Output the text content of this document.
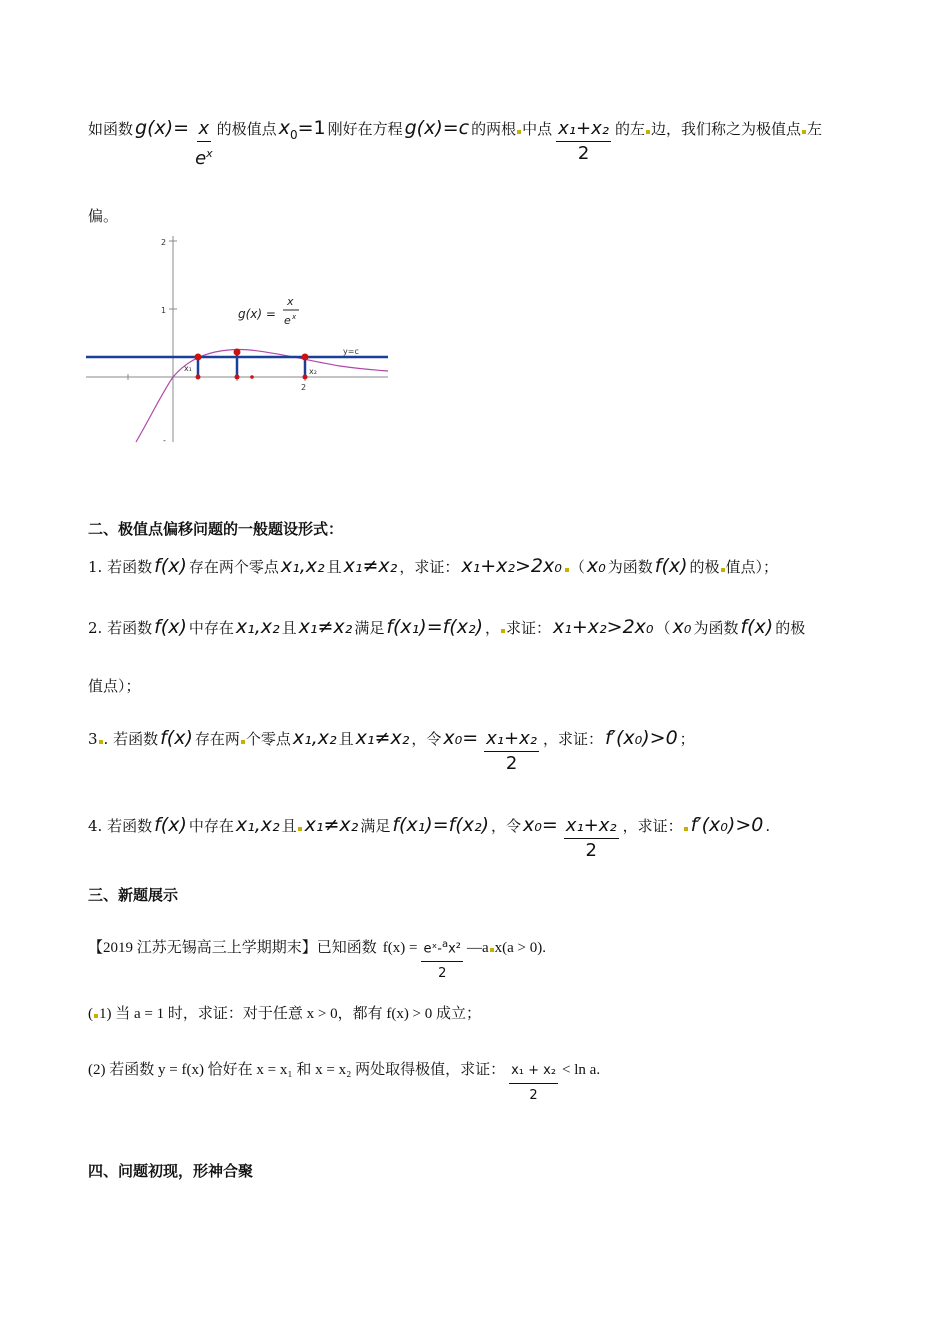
如函数 $g(x)= \frac{x}{e^x}$ 的极值点 $x_0=1$ 刚好在方程 g(x)=c 的两根 中点 $\frac{\text{x₁+x₂}}{2}$ 的左 边，我们称之为极值点 左
偏。
2
1
-
2
y=c
x₁	x₂
g(x) =
x
e x
二、极值点偏移问题的一般题设形式：
1. 若函数 f(x) 存在两个零点 x₁,x₂ 且 x₁≠x₂ ，求证： x₁+x₂>2x₀ （ x₀ 为函数 f(x) 的极 值点）；
2. 若函数 f(x) 中存在 x₁,x₂ 且 x₁≠x₂ 满足 f(x₁)=f(x₂) ， 求证： x₁+x₂>2x₀ （ x₀ 为函数 f(x) 的极
值点）；
3 . 若函数 f(x) 存在两 个零点 x₁,x₂ 且 x₁≠x₂ ，令 $x_0= \frac{\text{x₁+x₂}}{2}$ ，求证： f′(x₀)>0 ；
4. 若函数 f(x) 中存在 x₁,x₂ 且 x₁≠x₂ 满足 f(x₁)=f(x₂) ，令 $x_0= \frac{\text{x₁+x₂}}{2}$ ，求证： f′(x₀)>0 .
三、新题展示
【2019 江苏无锡高三上学期期末】已知函数 $f(x) = \frac{eˣ-^ax^2}{2}$ —a x(a > 0).
( 1) 当 a = 1 时，求证：对于任意 x > 0，都有 f(x) > 0 成立；
(2) 若函数 y = f(x) 恰好在 x = x₁ 和 x = x₂ 两处取得极值，求证： $\frac{\text{x₁ + x₂}}{2} < \ln a$.
四、问题初现，形神合聚
